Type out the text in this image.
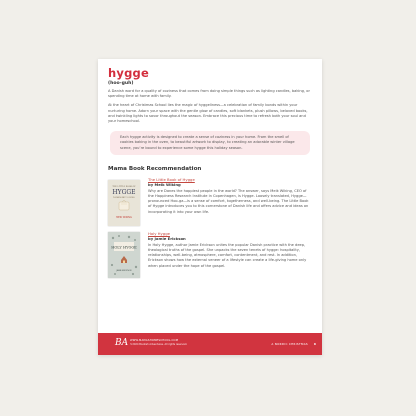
hygge
(hoo-guh)
A Danish word for a quality of coziness that comes from doing simple things such as lighting candles, baking, or spending time at home with family.
At the heart of Christmas School lies the magic of hyggeliness—a celebration of family bonds within your nurturing home. Adorn your space with the gentle glow of candles, soft blankets, plush pillows, beloved books, and twinkling lights to savor throughout the season. Embrace this precious time to refresh both your soul and your homeschool.
Each hygge activity is designed to create a sense of coziness in your home. From the smell of cookies baking in the oven, to beautiful artwork to display, to creating an adorable winter village scene, you’re bound to experience some hygge this holiday season.
Mama Book Recommendation
THE LITTLE BOOK OF
HYGGE
THE DANISH WAY TO LIVE WELL
MEIK WIKING
The Little Book of Hygge
by Meik Wiking
Why are Danes the happiest people in the world? The answer, says Meik Wiking, CEO of the Happiness Research Institute in Copenhagen, is Hygge. Loosely translated, Hygge—pronounced Hoo-ga—is a sense of comfort, togetherness, and well-being. The Little Book of Hygge introduces you to this cornerstone of Danish life and offers advice and ideas on incorporating it into your own life.
HOLY HYGGE
JAMIE ERICKSON
Holy Hygge
by Jamie Erickson
In Holy Hygge, author Jamie Erickson unites the popular Danish practice with the deep, theological truths of the gospel. She unpacks the seven tenets of hygge: hospitality, relationships, well-being, atmosphere, comfort, contentment, and rest. In addition, Erickson shows how the external veneer of a lifestyle can create a life-giving home only when placed under the hope of the gospel.
BA WWW.MAMASHOMESCHOOL.COM
©2024 Bookish Adventures. All rights reserved.	A NORDIC CHRISTMAS 6
